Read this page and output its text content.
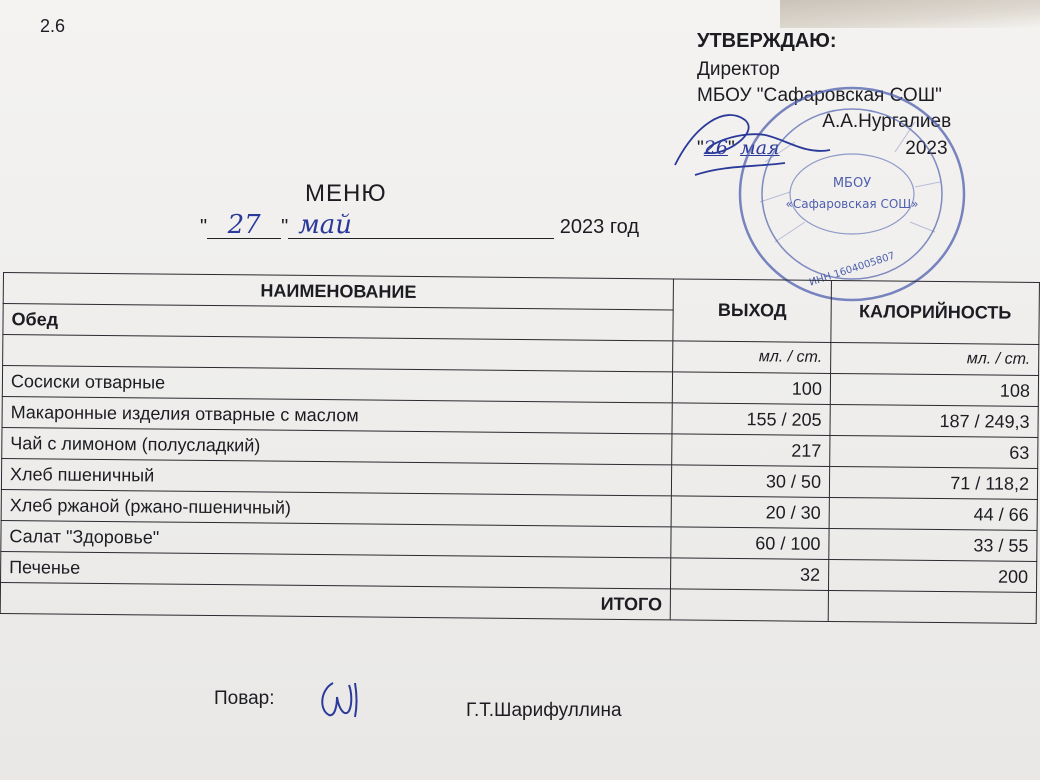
2.6
УТВЕРЖДАЮ:
Директор
МБОУ "Сафаровская СОШ"
А.А.Нургалиев
"26" мая	2023
МБОУ
«Сафаровская СОШ»
ИНН 1604005807
МЕНЮ
" 27 " май	2023 год
НАИМЕНОВАНИЕ	ВЫХОД	КАЛОРИЙНОСТЬ
Обед		
	мл. / ст.	мл. / ст.
Сосиски отварные	100	108
Макаронные изделия отварные с маслом	155 / 205	187 / 249,3
Чай с лимоном (полусладкий)	217	63
Хлеб пшеничный	30 / 50	71 / 118,2
Хлеб ржаной (ржано-пшеничный)	20 / 30	44 / 66
Салат "Здоровье"	60 / 100	33 / 55
Печенье	32	200
ИТОГО		
Повар:
Г.Т.Шарифуллина
